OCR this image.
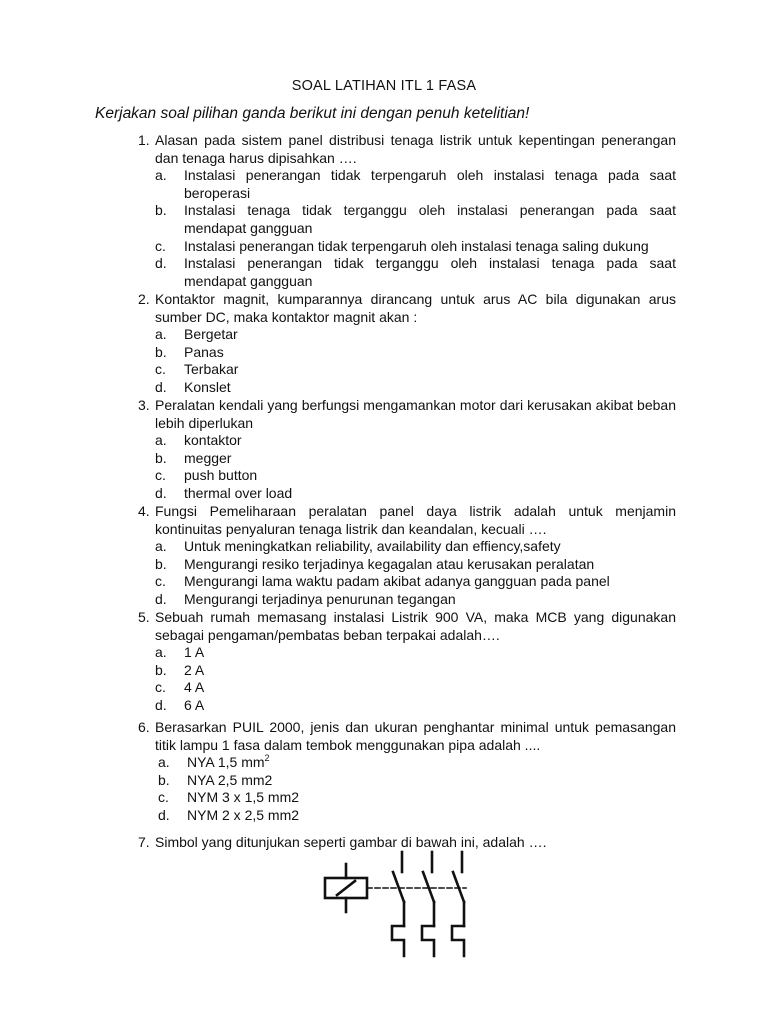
SOAL LATIHAN ITL 1 FASA
Kerjakan soal pilihan ganda berikut ini dengan penuh ketelitian!
1. Alasan pada sistem panel distribusi tenaga listrik untuk kepentingan penerangan dan tenaga harus dipisahkan ….
a.	Instalasi penerangan tidak terpengaruh oleh instalasi tenaga pada saat beroperasi
b.	Instalasi tenaga tidak terganggu oleh instalasi penerangan pada saat mendapat gangguan
c.	Instalasi penerangan tidak terpengaruh oleh instalasi tenaga saling dukung
d.	Instalasi penerangan tidak terganggu oleh instalasi tenaga pada saat mendapat gangguan
2. Kontaktor magnit, kumparannya dirancang untuk arus AC bila digunakan arus sumber DC, maka kontaktor magnit akan :
a.	Bergetar
b.	Panas
c.	Terbakar
d.	Konslet
3. Peralatan kendali yang berfungsi mengamankan motor dari kerusakan akibat beban lebih diperlukan
a.	kontaktor
b.	megger
c.	push button
d.	thermal over load
4. Fungsi Pemeliharaan peralatan panel daya listrik adalah untuk menjamin kontinuitas penyaluran tenaga listrik dan keandalan, kecuali ….
a.	Untuk meningkatkan reliability, availability dan effiency,safety
b.	Mengurangi resiko terjadinya kegagalan atau kerusakan peralatan
c.	Mengurangi lama waktu padam akibat adanya gangguan pada panel
d.	Mengurangi terjadinya penurunan tegangan
5. Sebuah rumah memasang instalasi Listrik 900 VA, maka MCB yang digunakan sebagai pengaman/pembatas beban terpakai adalah….
a.	1 A
b.	2 A
c.	4 A
d.	6 A
6. Berasarkan PUIL 2000, jenis dan ukuran penghantar minimal untuk pemasangan titik lampu 1 fasa dalam tembok menggunakan pipa adalah ....
a.	NYA 1,5 $mm^2$
b.	NYA 2,5 mm2
c.	NYM 3 x 1,5 mm2
d.	NYM 2 x 2,5 mm2
7. Simbol yang ditunjukan seperti gambar di bawah ini, adalah ….
